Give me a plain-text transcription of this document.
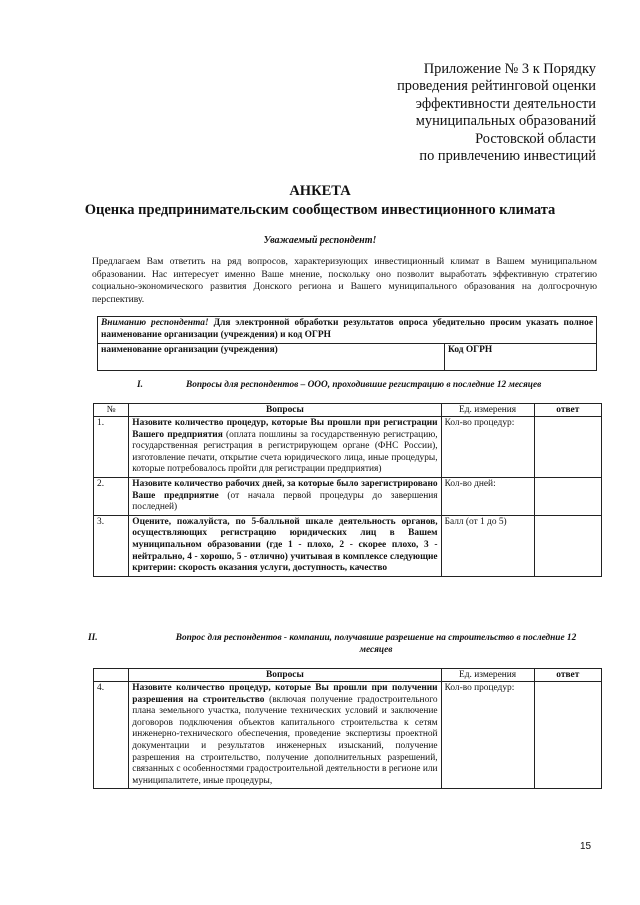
Приложение № 3 к Порядку
проведения рейтинговой оценки
эффективности деятельности
муниципальных образований
Ростовской области
по привлечению инвестиций
АНКЕТА
Оценка предпринимательским сообществом инвестиционного климата
Уважаемый респондент!
Предлагаем Вам ответить на ряд вопросов, характеризующих инвестиционный климат в Вашем муниципальном образовании. Нас интересует именно Ваше мнение, поскольку оно позволит выработать эффективную стратегию социально-экономического развития Донского региона и Вашего муниципального образования на долгосрочную перспективу.
Вниманию респондента! Для электронной обработки результатов опроса убедительно просим указать полное наименование организации (учреждения) и код ОГРН
наименование организации (учреждения)	Код ОГРН
I.	Вопросы для респондентов – ООО, проходившие регистрацию в последние 12 месяцев
№	Вопросы	Ед. измерения	ответ
1.	Назовите количество процедур, которые Вы прошли при регистрации Вашего предприятия (оплата пошлины за государственную регистрацию, государственная регистрация в регистрирующем органе (ФНС России), изготовление печати, открытие счета юридического лица, иные процедуры, которые потребовалось пройти для регистрации предприятия)	Кол-во процедур:	
2.	Назовите количество рабочих дней, за которые было зарегистрировано Ваше предприятие (от начала первой процедуры до завершения последней)	Кол-во дней:	
3.	Оцените, пожалуйста, по 5-балльной шкале деятельность органов, осуществляющих регистрацию юридических лиц в Вашем муниципальном образовании (где 1 - плохо, 2 - скорее плохо, 3 - нейтрально, 4 - хорошо, 5 - отлично) учитывая в комплексе следующие критерии: скорость оказания услуги, доступность, качество	Балл (от 1 до 5)	
II.	Вопрос для респондентов - компании, получавшие разрешение на строительство в последние 12 месяцев
	Вопросы	Ед. измерения	ответ
4.	Назовите количество процедур, которые Вы прошли при получении разрешения на строительство (включая получение градостроительного плана земельного участка, получение технических условий и заключение договоров подключения объектов капитального строительства к сетям инженерно-технического обеспечения, проведение экспертизы проектной документации и результатов инженерных изысканий, получение разрешения на строительство, получение дополнительных разрешений, связанных с особенностями градостроительной деятельности в регионе или муниципалитете, иные процедуры,	Кол-во процедур:	
15
